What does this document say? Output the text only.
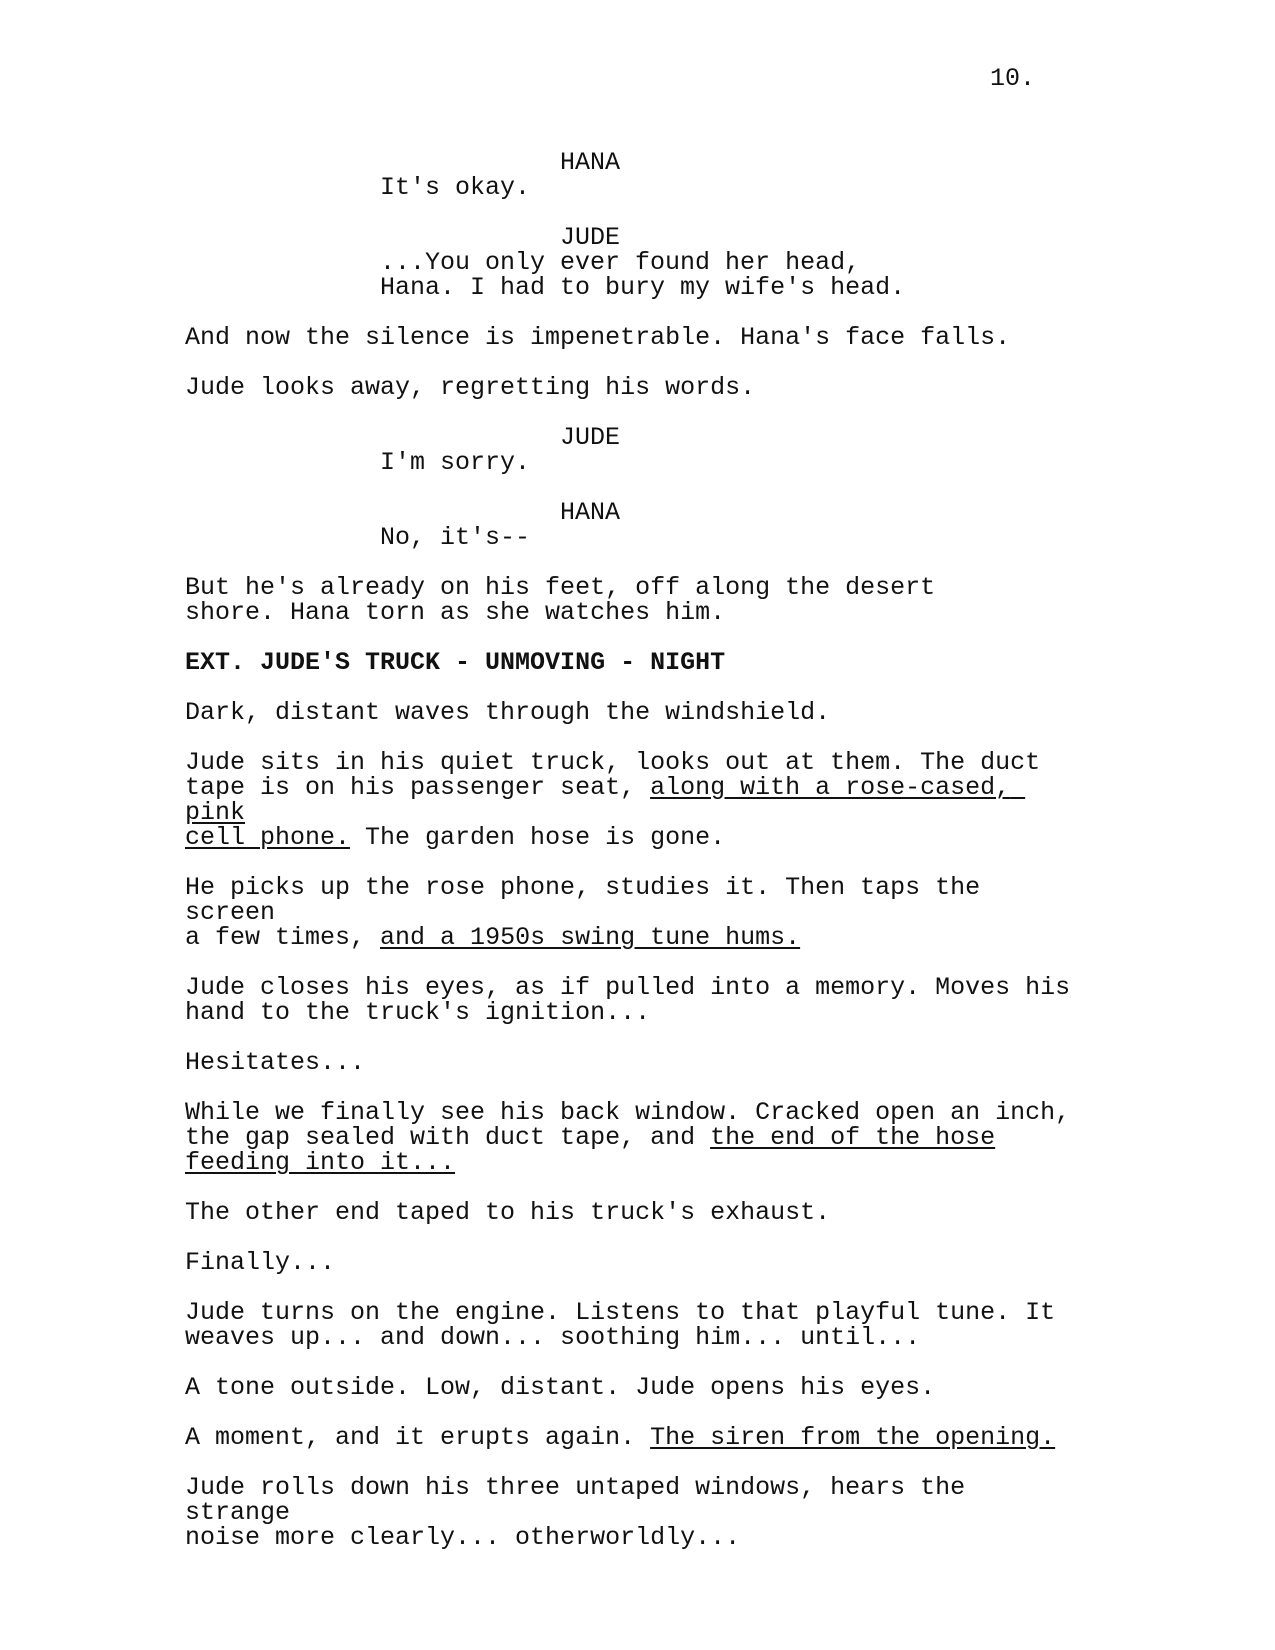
10.
HANA
It's okay.
JUDE
...You only ever found her head,
Hana. I had to bury my wife's head.
And now the silence is impenetrable. Hana's face falls.
Jude looks away, regretting his words.
JUDE
I'm sorry.
HANA
No, it's--
But he's already on his feet, off along the desert
shore. Hana torn as she watches him.
EXT. JUDE'S TRUCK - UNMOVING - NIGHT
Dark, distant waves through the windshield.
Jude sits in his quiet truck, looks out at them. The duct
tape is on his passenger seat, along with a rose-cased, pink
cell phone. The garden hose is gone.
He picks up the rose phone, studies it. Then taps the screen
a few times, and a 1950s swing tune hums.
Jude closes his eyes, as if pulled into a memory. Moves his
hand to the truck's ignition...
Hesitates...
While we finally see his back window. Cracked open an inch,
the gap sealed with duct tape, and the end of the hose
feeding into it...
The other end taped to his truck's exhaust.
Finally...
Jude turns on the engine. Listens to that playful tune. It
weaves up... and down... soothing him... until...
A tone outside. Low, distant. Jude opens his eyes.
A moment, and it erupts again. The siren from the opening.
Jude rolls down his three untaped windows, hears the strange
noise more clearly... otherworldly...
